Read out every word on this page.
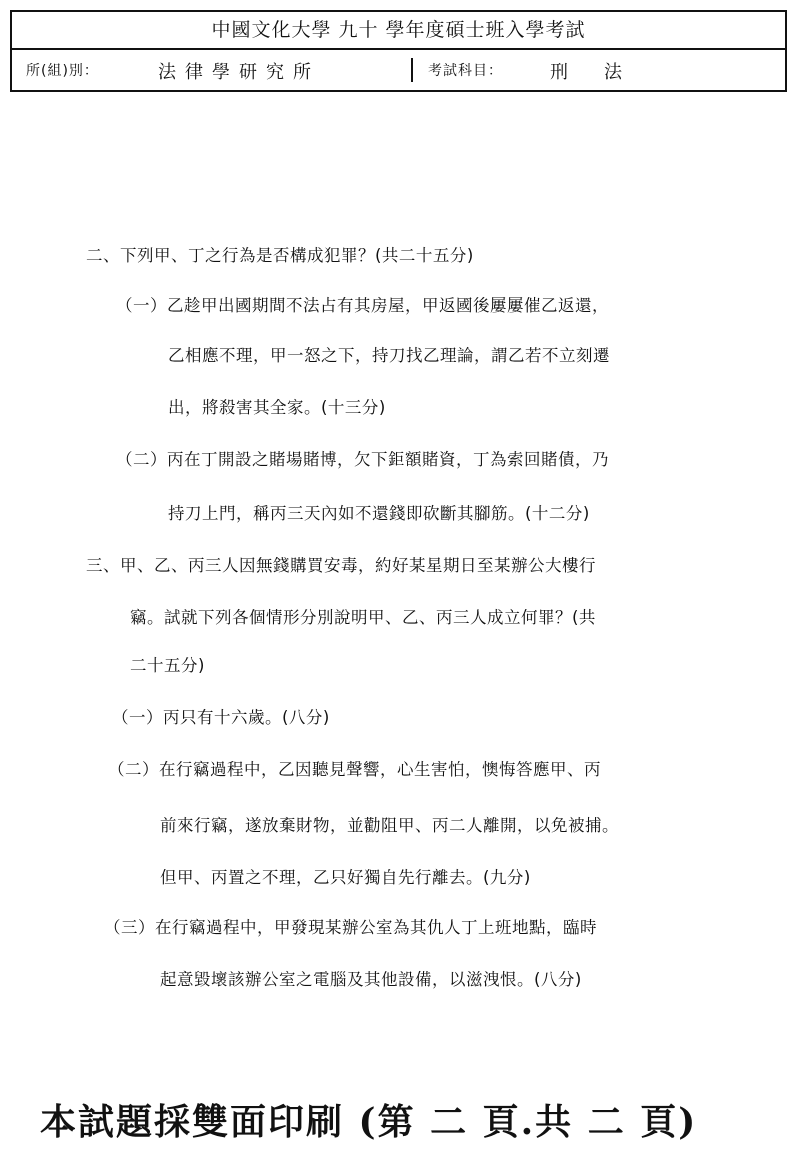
中國文化大學 九十 學年度碩士班入學考試
所(組)別：	法律學研究所	考試科目：	刑法
二、下列甲、丁之行為是否構成犯罪？(共二十五分)
（一）乙趁甲出國期間不法占有其房屋，甲返國後屢屢催乙返還，
乙相應不理，甲一怒之下，持刀找乙理論，謂乙若不立刻遷
出，將殺害其全家。(十三分)
（二）丙在丁開設之賭場賭博，欠下鉅額賭資，丁為索回賭債，乃
持刀上門，稱丙三天內如不還錢即砍斷其腳筋。(十二分)
三、甲、乙、丙三人因無錢購買安毒，約好某星期日至某辦公大樓行
竊。試就下列各個情形分別說明甲、乙、丙三人成立何罪？(共
二十五分)
（一）丙只有十六歲。(八分)
（二）在行竊過程中，乙因聽見聲響，心生害怕，懊悔答應甲、丙
前來行竊，遂放棄財物，並勸阻甲、丙二人離開，以免被捕。
但甲、丙置之不理，乙只好獨自先行離去。(九分)
（三）在行竊過程中，甲發現某辦公室為其仇人丁上班地點，臨時
起意毀壞該辦公室之電腦及其他設備，以滋洩恨。(八分)
本試題採雙面印刷 (第 二 頁.共 二 頁)
